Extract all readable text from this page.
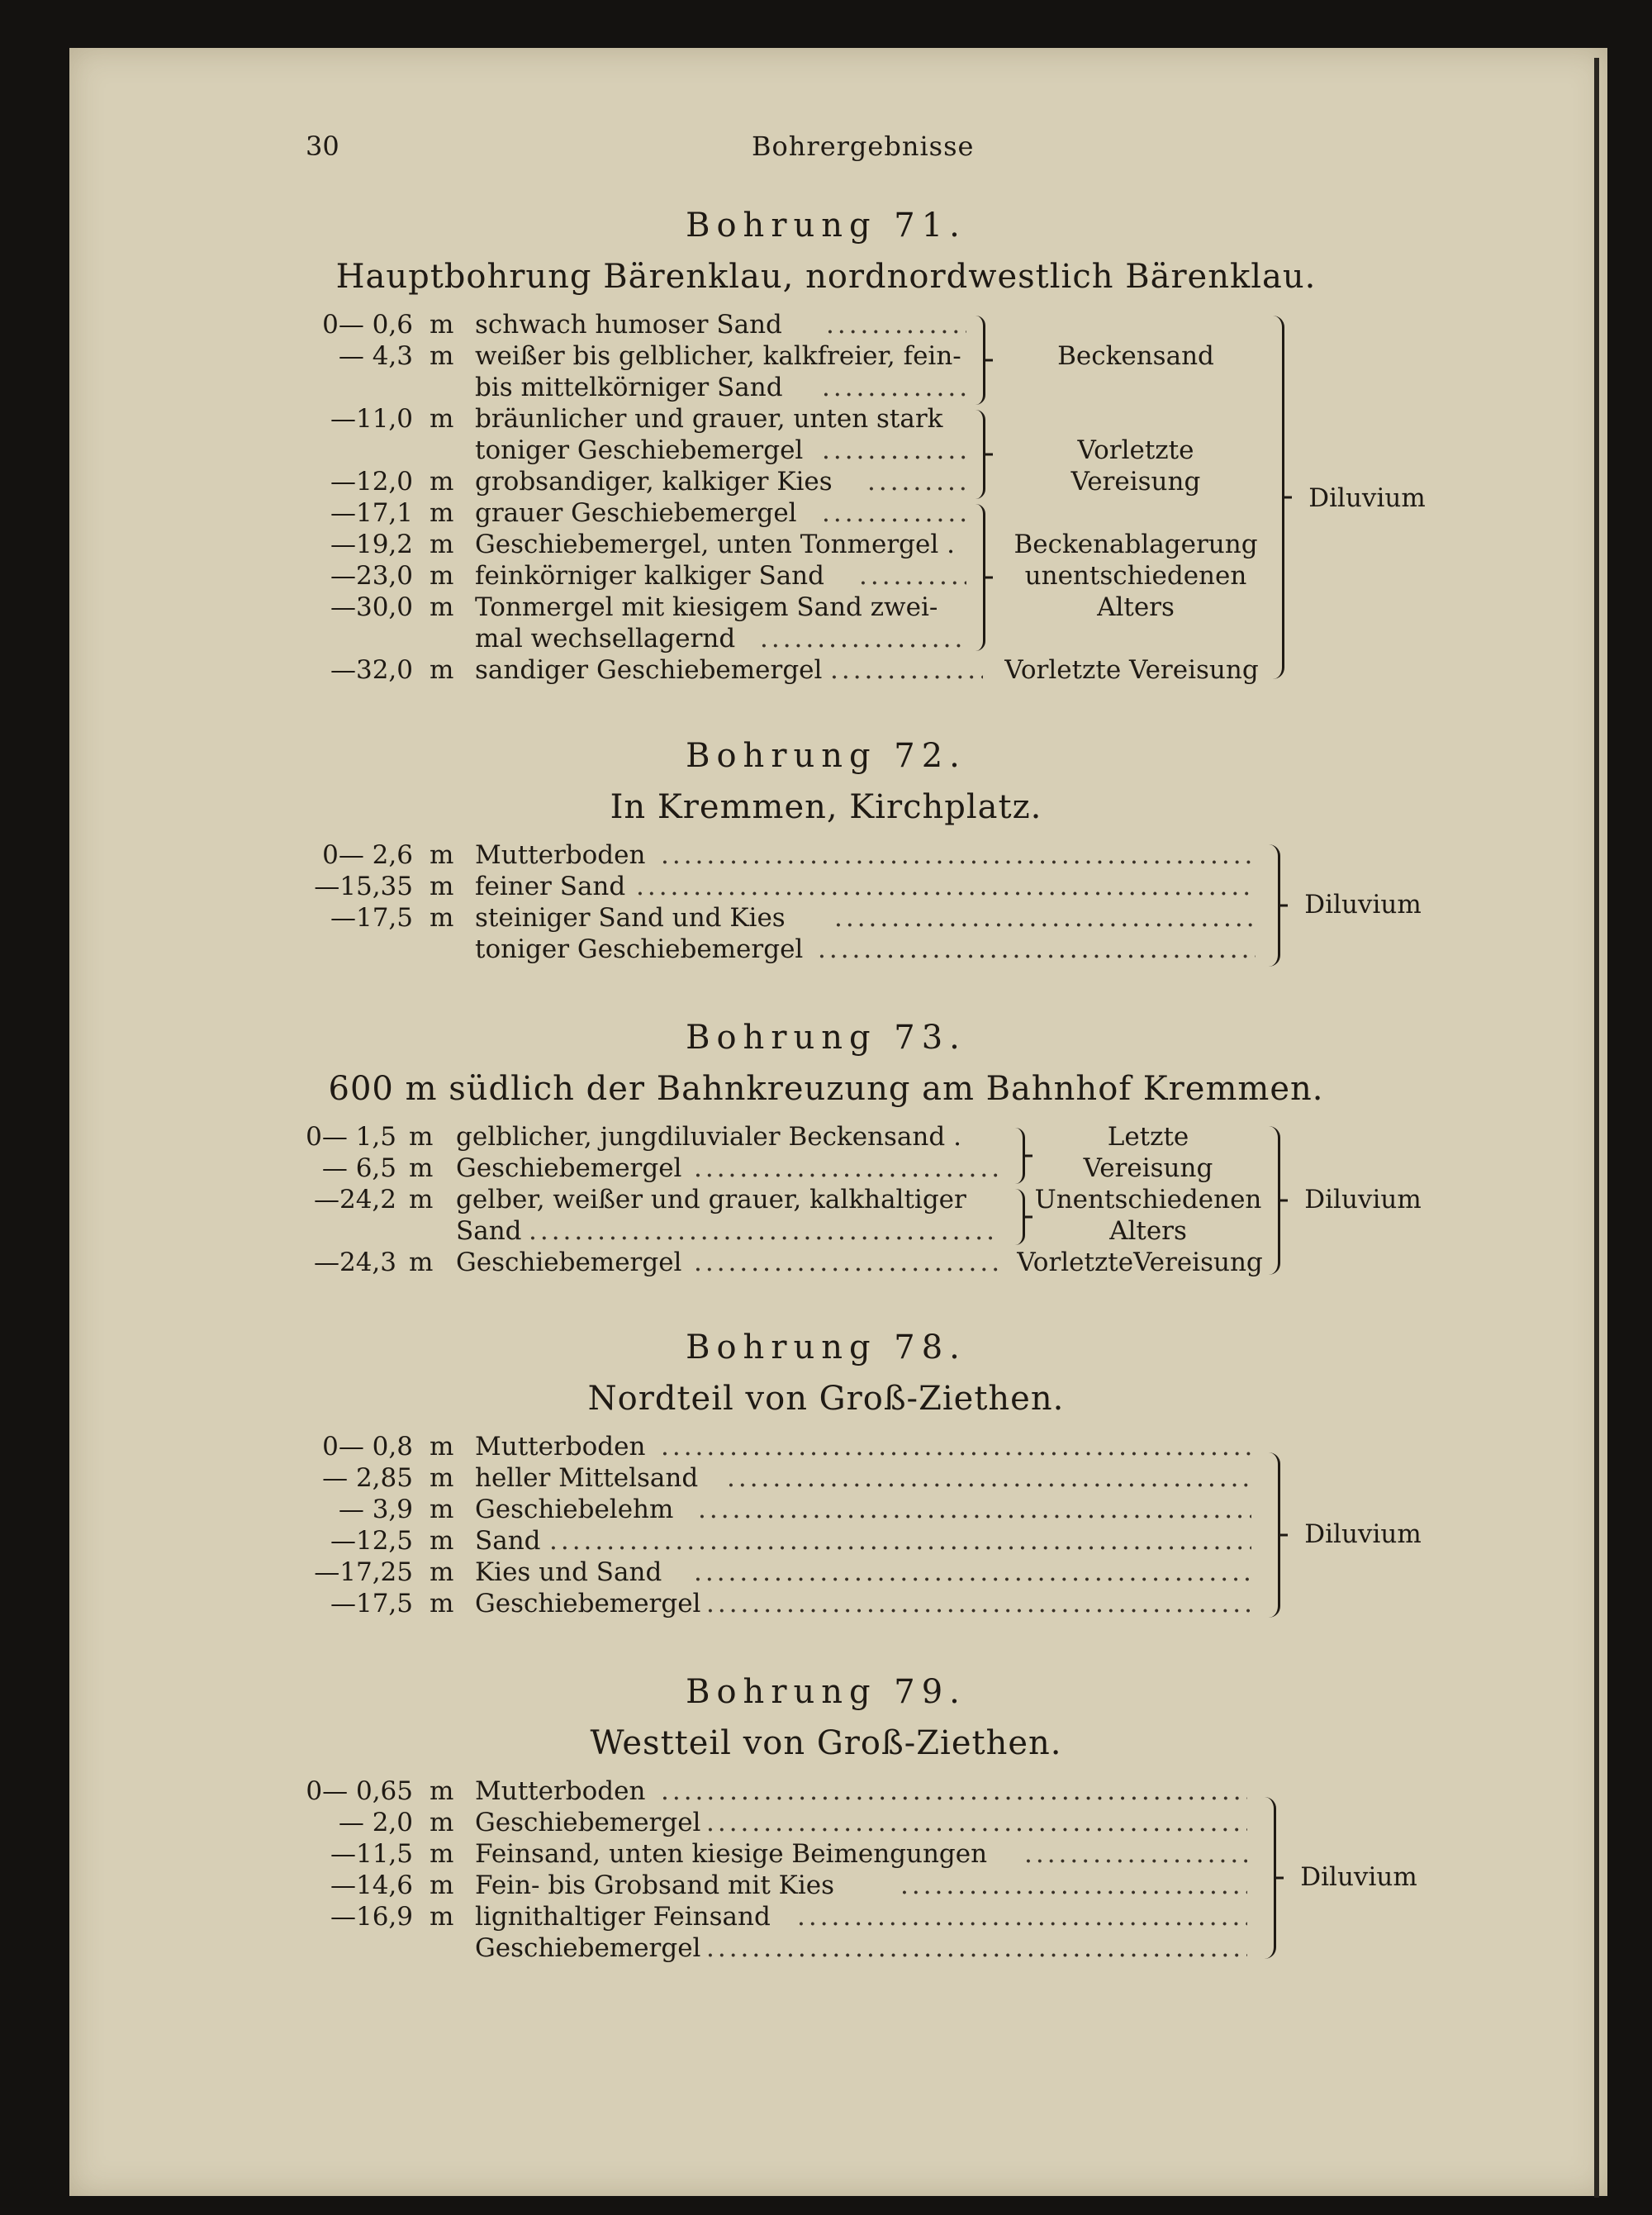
30	Bohrergebnisse
Bohrung 71.
Hauptbohrung Bärenklau, nordnordwestlich Bärenklau.
0— 0,6 m schwach humoser Sand
.....
— 4,3 m weißer bis gelblicher, kalkfreier, fein-
bis mittelkörniger Sand
.....
—11,0 m bräunlicher und grauer, unten stark
toniger Geschiebemergel
.....
—12,0 m grobsandiger, kalkiger Kies
.....
—17,1 m grauer Geschiebemergel
.....
—19,2 m Geschiebemergel, unten Tonmergel .
—23,0 m feinkörniger kalkiger Sand
.....
—30,0 m Tonmergel mit kiesigem Sand zwei-
mal wechsellagernd
.....
—32,0 m sandiger Geschiebemergel
.....
Beckensand
Vorletzte
Vereisung
Beckenablagerung
unentschiedenen
Alters
Vorletzte Vereisung
Diluvium
Bohrung 72.
In Kremmen, Kirchplatz.
0— 2,6 m Mutterboden
.....
—15,35 m feiner Sand
.....
—17,5 m steiniger Sand und Kies
.....
toniger Geschiebemergel
.....
Diluvium
Bohrung 73.
600 m südlich der Bahnkreuzung am Bahnhof Kremmen.
0— 1,5 m gelblicher, jungdiluvialer Beckensand .
— 6,5 m Geschiebemergel
.....
—24,2 m gelber, weißer und grauer, kalkhaltiger
Sand
.....
—24,3 m Geschiebemergel
.....
Letzte
Vereisung
Unentschiedenen
Alters
VorletzteVereisung
Diluvium
Bohrung 78.
Nordteil von Groß-Ziethen.
0— 0,8 m Mutterboden
.....
— 2,85 m heller Mittelsand
.....
— 3,9 m Geschiebelehm
.....
—12,5 m Sand
.....
—17,25 m Kies und Sand
.....
—17,5 m Geschiebemergel
.....
Diluvium
Bohrung 79.
Westteil von Groß-Ziethen.
0— 0,65 m Mutterboden
.....
— 2,0 m Geschiebemergel
.....
—11,5 m Feinsand, unten kiesige Beimengungen
.....
—14,6 m Fein- bis Grobsand mit Kies
.....
—16,9 m lignithaltiger Feinsand
.....
Geschiebemergel
.....
Diluvium
